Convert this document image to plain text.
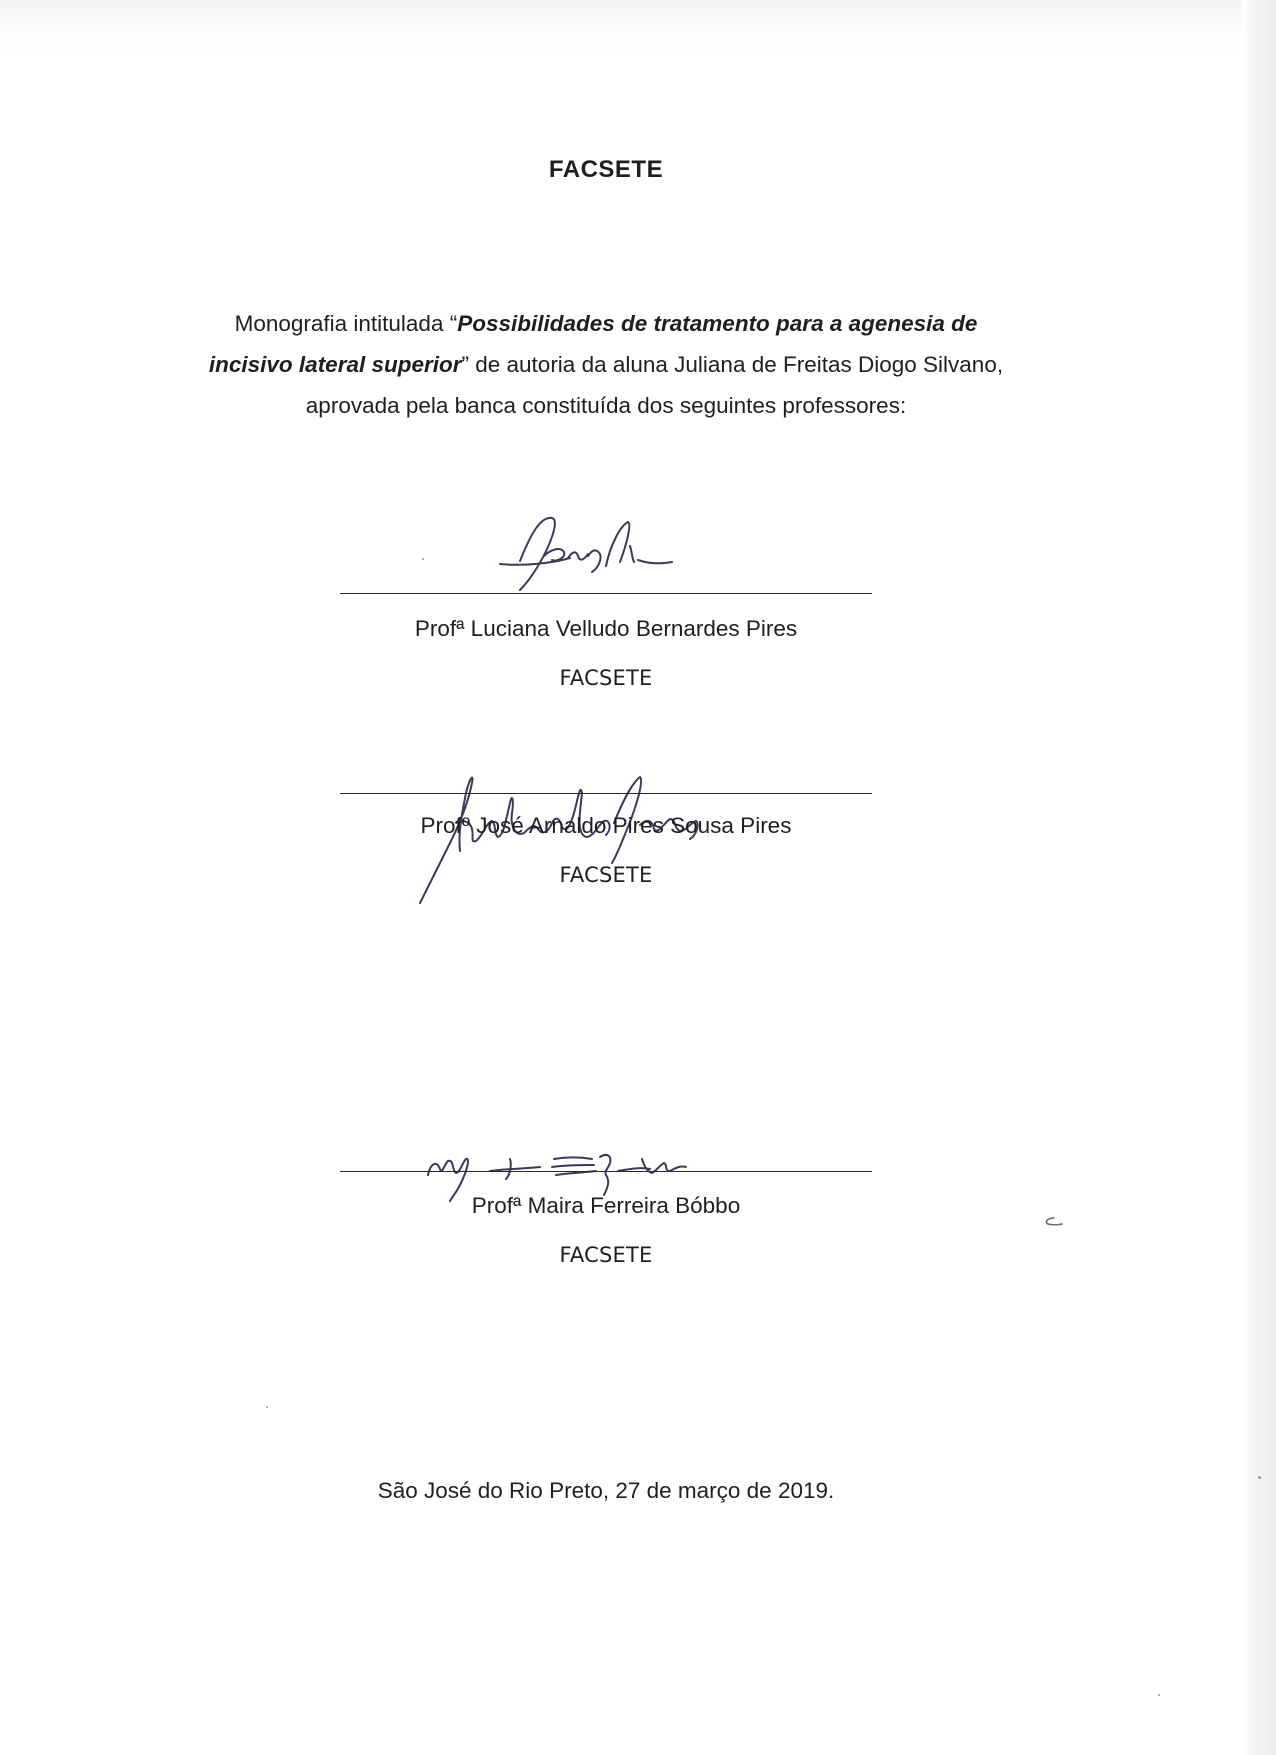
FACSETE
Monografia intitulada “Possibilidades de tratamento para a agenesia de incisivo lateral superior” de autoria da aluna Juliana de Freitas Diogo Silvano, aprovada pela banca constituída dos seguintes professores:
Profª Luciana Velludo Bernardes Pires
FACSETE
Profº José Arnaldo Pires Sousa Pires
FACSETE
Profª Maira Ferreira Bóbbo
FACSETE
São José do Rio Preto, 27 de março de 2019.
